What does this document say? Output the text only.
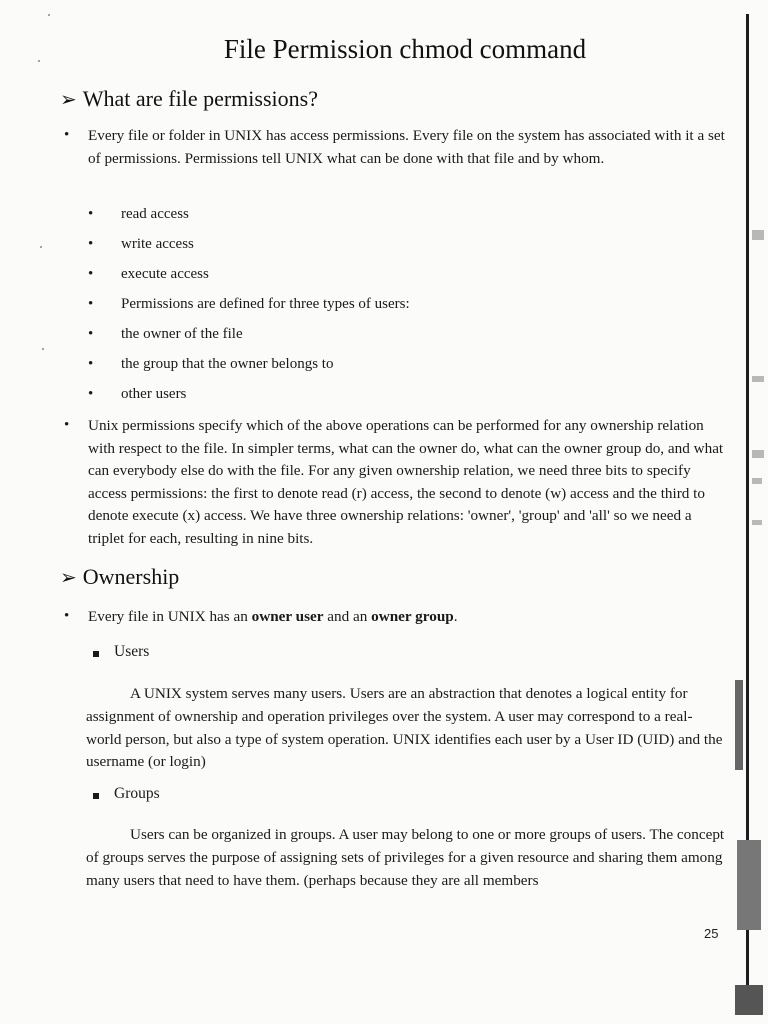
File Permission chmod command
➢ What are file permissions?
• Every file or folder in UNIX has access permissions. Every file on the system has associated with it a set of permissions. Permissions tell UNIX what can be done with that file and by whom.
• read access
• write access
• execute access
• Permissions are defined for three types of users:
• the owner of the file
• the group that the owner belongs to
• other users
• Unix permissions specify which of the above operations can be performed for any ownership relation with respect to the file. In simpler terms, what can the owner do, what can the owner group do, and what can everybody else do with the file. For any given ownership relation, we need three bits to specify access permissions: the first to denote read (r) access, the second to denote (w) access and the third to denote execute (x) access. We have three ownership relations: 'owner', 'group' and 'all' so we need a triplet for each, resulting in nine bits.
➢ Ownership
• Every file in UNIX has an owner user and an owner group.
Users
A UNIX system serves many users. Users are an abstraction that denotes a logical entity for assignment of ownership and operation privileges over the system. A user may correspond to a real-world person, but also a type of system operation. UNIX identifies each user by a User ID (UID) and the username (or login)
Groups
Users can be organized in groups. A user may belong to one or more groups of users. The concept of groups serves the purpose of assigning sets of privileges for a given resource and sharing them among many users that need to have them. (perhaps because they are all members
25
